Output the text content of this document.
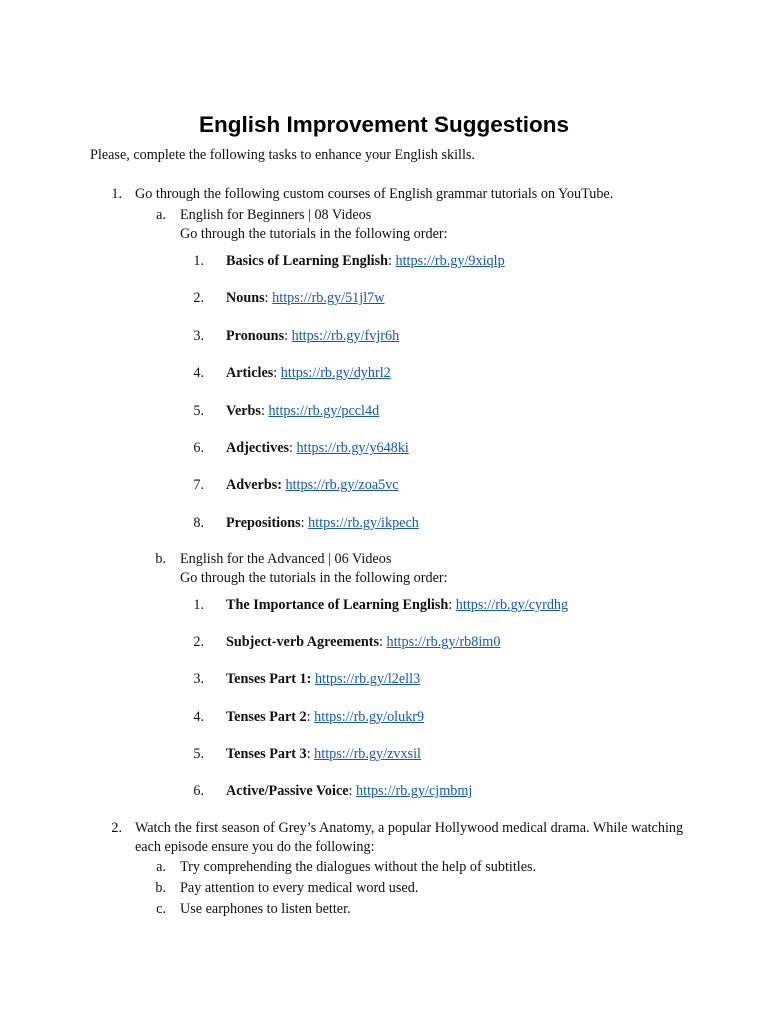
English Improvement Suggestions
Please, complete the following tasks to enhance your English skills.
1. Go through the following custom courses of English grammar tutorials on YouTube.
a. English for Beginners | 08 Videos
Go through the tutorials in the following order:
1. Basics of Learning English: https://rb.gy/9xiqlp
2. Nouns: https://rb.gy/51jl7w
3. Pronouns: https://rb.gy/fvjr6h
4. Articles: https://rb.gy/dyhrl2
5. Verbs: https://rb.gy/pccl4d
6. Adjectives: https://rb.gy/y648ki
7. Adverbs: https://rb.gy/zoa5vc
8. Prepositions: https://rb.gy/ikpech
b. English for the Advanced | 06 Videos
Go through the tutorials in the following order:
1. The Importance of Learning English: https://rb.gy/cyrdhg
2. Subject-verb Agreements: https://rb.gy/rb8im0
3. Tenses Part 1: https://rb.gy/l2ell3
4. Tenses Part 2: https://rb.gy/olukr9
5. Tenses Part 3: https://rb.gy/zvxsil
6. Active/Passive Voice: https://rb.gy/cjmbmj
2. Watch the first season of Grey’s Anatomy, a popular Hollywood medical drama. While watching
each episode ensure you do the following:
a. Try comprehending the dialogues without the help of subtitles.
b. Pay attention to every medical word used.
c. Use earphones to listen better.
